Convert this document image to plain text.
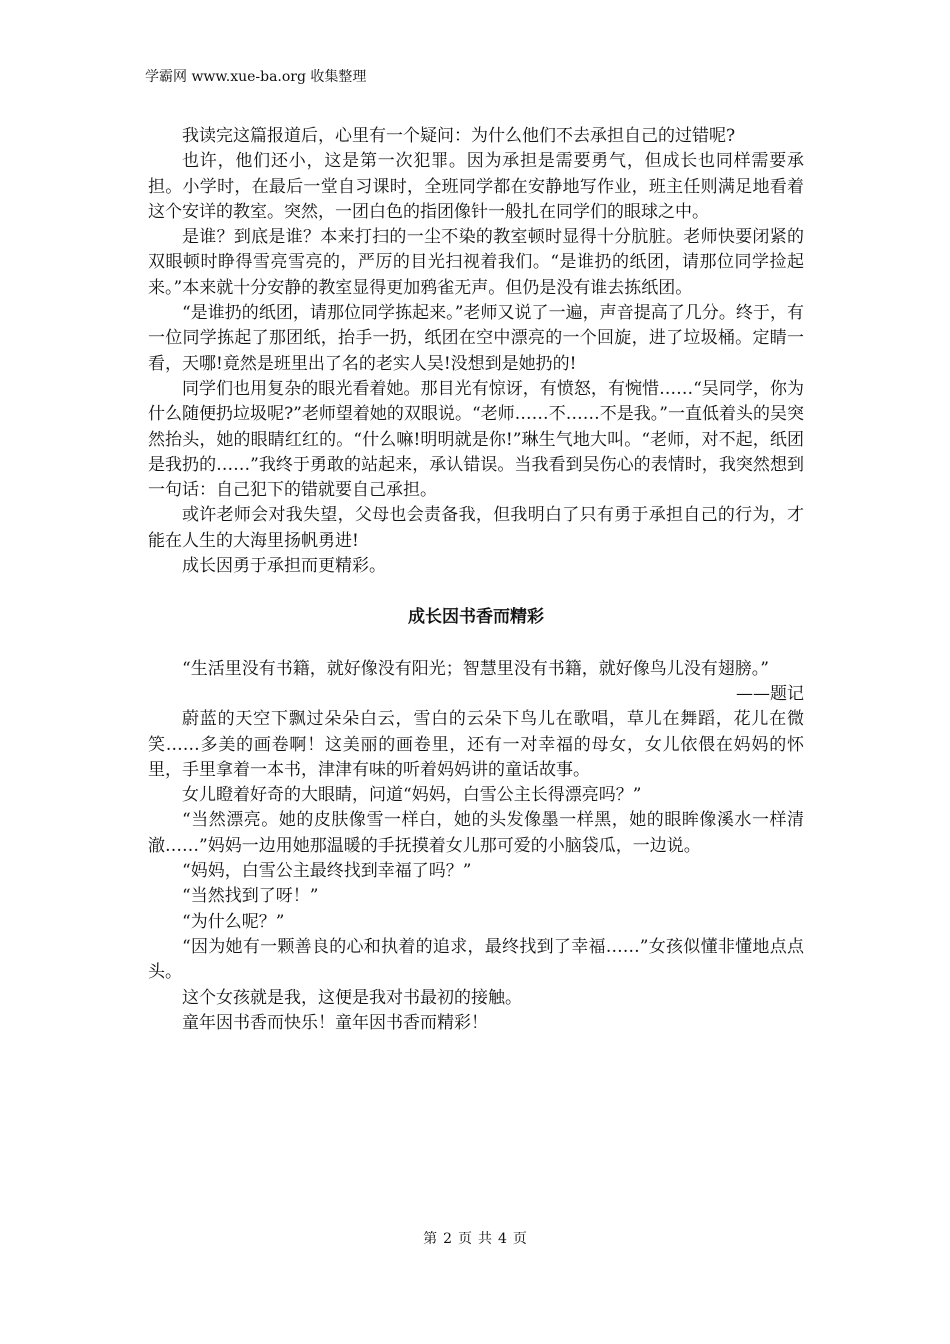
学霸网 www.xue-ba.org 收集整理

我读完这篇报道后，心里有一个疑问：为什么他们不去承担自己的过错呢?

也许，他们还小，这是第一次犯罪。因为承担是需要勇气，但成长也同样需要承担。小学时，在最后一堂自习课时，全班同学都在安静地写作业，班主任则满足地看着这个安详的教室。突然，一团白色的指团像针一般扎在同学们的眼球之中。

是谁？到底是谁？本来打扫的一尘不染的教室顿时显得十分肮脏。老师快要闭紧的双眼顿时睁得雪亮雪亮的，严厉的目光扫视着我们。“是谁扔的纸团，请那位同学捡起来。”本来就十分安静的教室显得更加鸦雀无声。但仍是没有谁去拣纸团。

“是谁扔的纸团，请那位同学拣起来。”老师又说了一遍，声音提高了几分。终于，有一位同学拣起了那团纸，抬手一扔，纸团在空中漂亮的一个回旋，进了垃圾桶。定睛一看，天哪!竟然是班里出了名的老实人吴!没想到是她扔的!

同学们也用复杂的眼光看着她。那目光有惊讶，有愤怒，有惋惜……“吴同学，你为什么随便扔垃圾呢?”老师望着她的双眼说。“老师……不……不是我。”一直低着头的吴突然抬头，她的眼睛红红的。“什么嘛!明明就是你!”琳生气地大叫。“老师，对不起，纸团是我扔的……”我终于勇敢的站起来，承认错误。当我看到吴伤心的表情时，我突然想到一句话：自己犯下的错就要自己承担。

或许老师会对我失望，父母也会责备我，但我明白了只有勇于承担自己的行为，才能在人生的大海里扬帆勇进!

成长因勇于承担而更精彩。

成长因书香而精彩

“生活里没有书籍，就好像没有阳光；智慧里没有书籍，就好像鸟儿没有翅膀。”

——题记

蔚蓝的天空下飘过朵朵白云，雪白的云朵下鸟儿在歌唱，草儿在舞蹈，花儿在微笑……多美的画卷啊！这美丽的画卷里，还有一对幸福的母女，女儿依偎在妈妈的怀里，手里拿着一本书，津津有味的听着妈妈讲的童话故事。

女儿瞪着好奇的大眼睛，问道“妈妈，白雪公主长得漂亮吗？”

“当然漂亮。她的皮肤像雪一样白，她的头发像墨一样黑，她的眼眸像溪水一样清澈……”妈妈一边用她那温暖的手抚摸着女儿那可爱的小脑袋瓜，一边说。

“妈妈，白雪公主最终找到幸福了吗？”

“当然找到了呀！”

“为什么呢？”

“因为她有一颗善良的心和执着的追求，最终找到了幸福……”女孩似懂非懂地点点头。

这个女孩就是我，这便是我对书最初的接触。

童年因书香而快乐！童年因书香而精彩！

第 2 页 共 4 页
